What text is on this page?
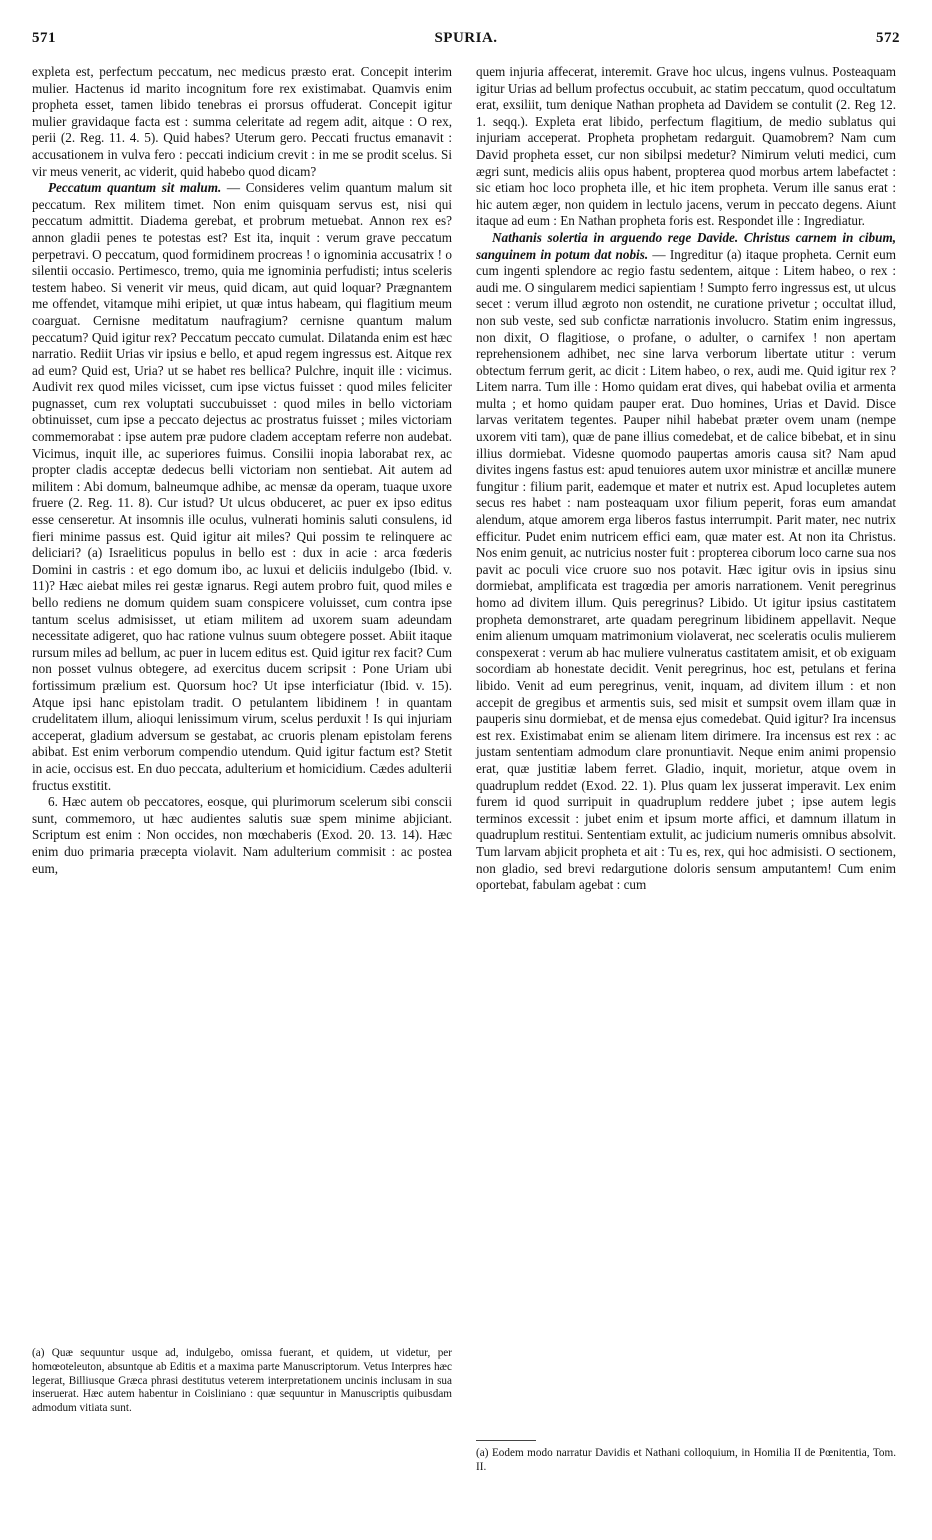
571	SPURIA.	572

expleta est, perfectum peccatum, nec medicus præsto erat. Concepit interim mulier. Hactenus id marito incognitum fore rex existimabat. Quamvis enim propheta esset, tamen libido tenebras ei prorsus offuderat. Concepit igitur mulier gravidaque facta est : summa celeritate ad regem adit, aitque : O rex, perii (2. Reg. 11. 4. 5). Quid habes? Uterum gero. Peccati fructus emanavit : accusationem in vulva fero : peccati indicium crevit : in me se prodit scelus. Si vir meus venerit, ac viderit, quid habebo quod dicam?

Peccatum quantum sit malum. — Consideres velim quantum malum sit peccatum. Rex militem timet. Non enim quisquam servus est, nisi qui peccatum admittit. Diadema gerebat, et probrum metuebat. Annon rex es? annon gladii penes te potestas est? Est ita, inquit : verum grave peccatum perpetravi. O peccatum, quod formidinem procreas ! o ignominia accusatrix ! o silentii occasio. Pertimesco, tremo, quia me ignominia perfudisti; intus sceleris testem habeo. Si venerit vir meus, quid dicam, aut quid loquar? Prægnantem me offendet, vitamque mihi eripiet, ut quæ intus habeam, qui flagitium meum coarguat. Cernisne meditatum naufragium? cernisne quantum malum peccatum? Quid igitur rex? Peccatum peccato cumulat. Dilatanda enim est hæc narratio. Rediit Urias vir ipsius e bello, et apud regem ingressus est. Aitque rex ad eum? Quid est, Uria? ut se habet res bellica? Pulchre, inquit ille : vicimus. Audivit rex quod miles vicisset, cum ipse victus fuisset : quod miles feliciter pugnasset, cum rex voluptati succubuisset : quod miles in bello victoriam obtinuisset, cum ipse a peccato dejectus ac prostratus fuisset ; miles victoriam commemorabat : ipse autem præ pudore cladem acceptam referre non audebat. Vicimus, inquit ille, ac superiores fuimus. Consilii inopia laborabat rex, ac propter cladis acceptæ dedecus belli victoriam non sentiebat. Ait autem ad militem : Abi domum, balneumque adhibe, ac mensæ da operam, tuaque uxore fruere (2. Reg. 11. 8). Cur istud? Ut ulcus obduceret, ac puer ex ipso editus esse censeretur. At insomnis ille oculus, vulnerati hominis saluti consulens, id fieri minime passus est. Quid igitur ait miles? Qui possim te relinquere ac deliciari? (a) Israeliticus populus in bello est : dux in acie : arca fœderis Domini in castris : et ego domum ibo, ac luxui et deliciis indulgebo (Ibid. v. 11)? Hæc aiebat miles rei gestæ ignarus. Regi autem probro fuit, quod miles e bello rediens ne domum quidem suam conspicere voluisset, cum contra ipse tantum scelus admisisset, ut etiam militem ad uxorem suam adeundam necessitate adigeret, quo hac ratione vulnus suum obtegere posset. Abiit itaque rursum miles ad bellum, ac puer in lucem editus est. Quid igitur rex facit? Cum non posset vulnus obtegere, ad exercitus ducem scripsit : Pone Uriam ubi fortissimum prælium est. Quorsum hoc? Ut ipse interficiatur (Ibid. v. 15). Atque ipsi hanc epistolam tradit. O petulantem libidinem ! in quantam crudelitatem illum, alioqui lenissimum virum, scelus perduxit ! Is qui injuriam acceperat, gladium adversum se gestabat, ac cruoris plenam epistolam ferens abibat. Est enim verborum compendio utendum. Quid igitur factum est? Stetit in acie, occisus est. En duo peccata, adulterium et homicidium. Cædes adulterii fructus exstitit.

6. Hæc autem ob peccatores, eosque, qui plurimorum scelerum sibi conscii sunt, commemoro, ut hæc audientes salutis suæ spem minime abjiciant. Scriptum est enim : Non occides, non mœchaberis (Exod. 20. 13. 14). Hæc enim duo primaria præcepta violavit. Nam adulterium commisit : ac postea eum,

(a) Quæ sequuntur usque ad, indulgebo, omissa fuerant, et quidem, ut videtur, per homœoteleuton, absuntque ab Editis et a maxima parte Manuscriptorum. Vetus Interpres hæc legerat, Billiusque Græca phrasi destitutus veterem interpretationem uncinis inclusam in sua inseruerat. Hæc autem habentur in Coisliniano : quæ sequuntur in Manuscriptis quibusdam admodum vitiata sunt.

quem injuria affecerat, interemit. Grave hoc ulcus, ingens vulnus. Posteaquam igitur Urias ad bellum profectus occubuit, ac statim peccatum, quod occultatum erat, exsiliit, tum denique Nathan propheta ad Davidem se contulit (2. Reg 12. 1. seqq.). Expleta erat libido, perfectum flagitium, de medio sublatus qui injuriam acceperat. Propheta prophetam redarguit. Quamobrem? Nam cum David propheta esset, cur non sibilpsi medetur? Nimirum veluti medici, cum ægri sunt, medicis aliis opus habent, propterea quod morbus artem labefactet : sic etiam hoc loco propheta ille, et hic item propheta. Verum ille sanus erat : hic autem æger, non quidem in lectulo jacens, verum in peccato degens. Aiunt itaque ad eum : En Nathan propheta foris est. Respondet ille : Ingrediatur.

Nathanis solertia in arguendo rege Davide. Christus carnem in cibum, sanguinem in potum dat nobis. — Ingreditur (a) itaque propheta. Cernit eum cum ingenti splendore ac regio fastu sedentem, aitque : Litem habeo, o rex : audi me. O singularem medici sapientiam ! Sumpto ferro ingressus est, ut ulcus secet : verum illud ægroto non ostendit, ne curatione privetur ; occultat illud, non sub veste, sed sub confictæ narrationis involucro. Statim enim ingressus, non dixit, O flagitiose, o profane, o adulter, o carnifex ! non apertam reprehensionem adhibet, nec sine larva verborum libertate utitur : verum obtectum ferrum gerit, ac dicit : Litem habeo, o rex, audi me. Quid igitur rex ? Litem narra. Tum ille : Homo quidam erat dives, qui habebat ovilia et armenta multa ; et homo quidam pauper erat. Duo homines, Urias et David. Disce larvas veritatem tegentes. Pauper nihil habebat præter ovem unam (nempe uxorem viti tam), quæ de pane illius comedebat, et de calice bibebat, et in sinu illius dormiebat. Videsne quomodo paupertas amoris causa sit? Nam apud divites ingens fastus est: apud tenuiores autem uxor ministræ et ancillæ munere fungitur : filium parit, eademque et mater et nutrix est. Apud locupletes autem secus res habet : nam posteaquam uxor filium peperit, foras eum amandat alendum, atque amorem erga liberos fastus interrumpit. Parit mater, nec nutrix efficitur. Pudet enim nutricem effici eam, quæ mater est. At non ita Christus. Nos enim genuit, ac nutricius noster fuit : propterea ciborum loco carne sua nos pavit ac poculi vice cruore suo nos potavit. Hæc igitur ovis in ipsius sinu dormiebat, amplificata est tragœdia per amoris narrationem. Venit peregrinus homo ad divitem illum. Quis peregrinus? Libido. Ut igitur ipsius castitatem propheta demonstraret, arte quadam peregrinum libidinem appellavit. Neque enim alienum umquam matrimonium violaverat, nec sceleratis oculis mulierem conspexerat : verum ab hac muliere vulneratus castitatem amisit, et ob exiguam socordiam ab honestate decidit. Venit peregrinus, hoc est, petulans et ferina libido. Venit ad eum peregrinus, venit, inquam, ad divitem illum : et non accepit de gregibus et armentis suis, sed misit et sumpsit ovem illam quæ in pauperis sinu dormiebat, et de mensa ejus comedebat. Quid igitur? Ira incensus est rex. Existimabat enim se alienam litem dirimere. Ira incensus est rex : ac justam sententiam admodum clare pronuntiavit. Neque enim animi propensio erat, quæ justitiæ labem ferret. Gladio, inquit, morietur, atque ovem in quadruplum reddet (Exod. 22. 1). Plus quam lex jusserat imperavit. Lex enim furem id quod surripuit in quadruplum reddere jubet ; ipse autem legis terminos excessit : jubet enim et ipsum morte affici, et damnum illatum in quadruplum restitui. Sententiam extulit, ac judicium numeris omnibus absolvit. Tum larvam abjicit propheta et ait : Tu es, rex, qui hoc admisisti. O sectionem, non gladio, sed brevi redargutione doloris sensum amputantem! Cum enim oportebat, fabulam agebat : cum

(a) Eodem modo narratur Davidis et Nathani colloquium, in Homilia II de Pœnitentia, Tom. II.
